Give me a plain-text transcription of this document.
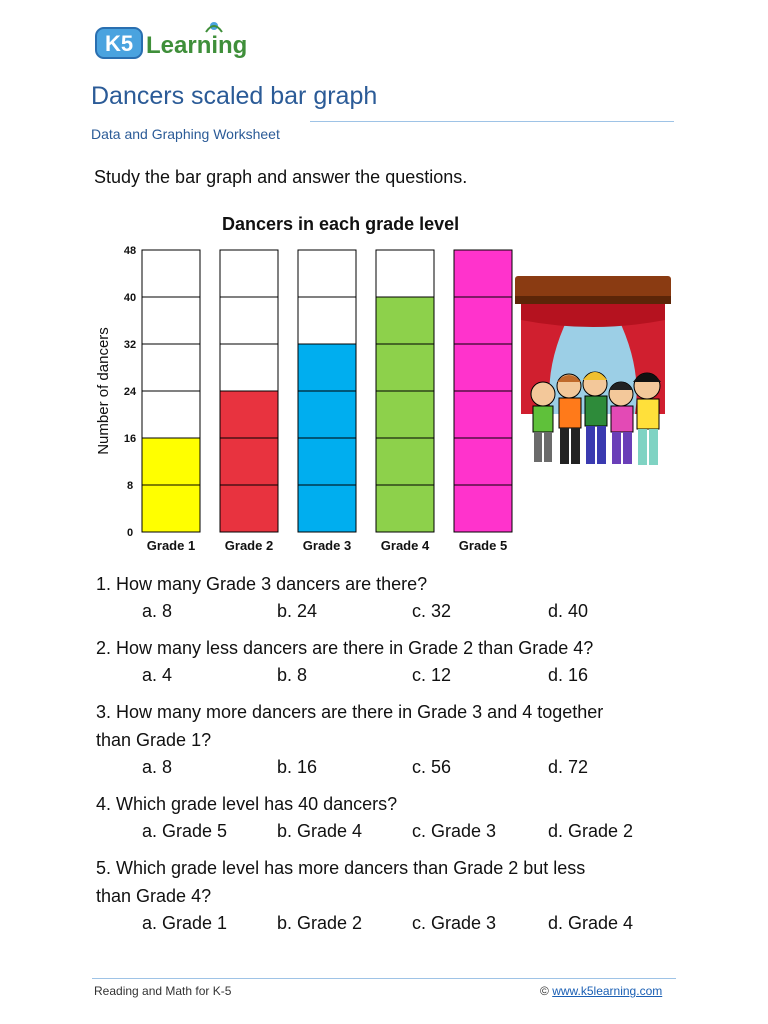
K5 Learning
Dancers scaled bar graph
Data and Graphing Worksheet
Study the bar graph and answer the questions.
Dancers in each grade level
Number of dancers
0
8
16
24
32
40
48
Grade 1 Grade 2 Grade 3 Grade 4 Grade 5
1. How many Grade 3 dancers are there?
a. 8	b. 24	c. 32	d. 40
2. How many less dancers are there in Grade 2 than Grade 4?
a. 4	b. 8	c. 12	d. 16
3. How many more dancers are there in Grade 3 and 4 together
than Grade 1?
a. 8	b. 16	c. 56	d. 72
4. Which grade level has 40 dancers?
a. Grade 5	b. Grade 4	c. Grade 3	d. Grade 2
5. Which grade level has more dancers than Grade 2 but less
than Grade 4?
a. Grade 1	b. Grade 2	c. Grade 3	d. Grade 4
Reading and Math for K-5	© www.k5learning.com
